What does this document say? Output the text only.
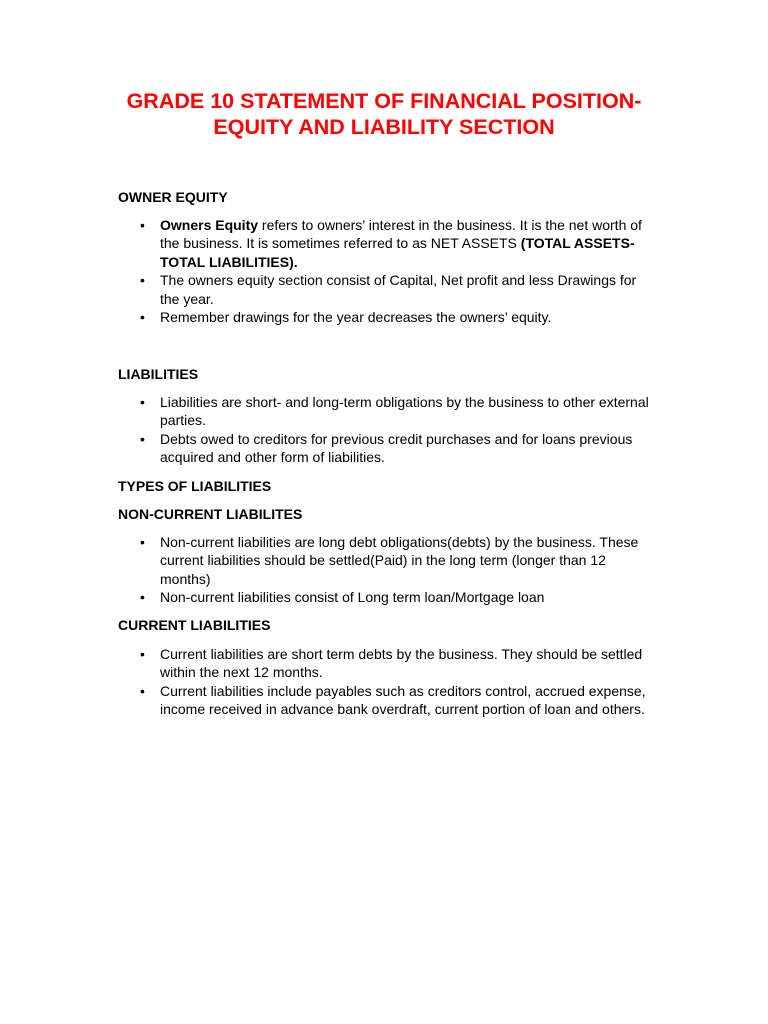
GRADE 10 STATEMENT OF FINANCIAL POSITION-
EQUITY AND LIABILITY SECTION
OWNER EQUITY
• Owners Equity refers to owners’ interest in the business. It is the net worth of the business. It is sometimes referred to as NET ASSETS (TOTAL ASSETS-TOTAL LIABILITIES).
• The owners equity section consist of Capital, Net profit and less Drawings for the year.
• Remember drawings for the year decreases the owners’ equity.
LIABILITIES
• Liabilities are short- and long-term obligations by the business to other external parties.
• Debts owed to creditors for previous credit purchases and for loans previous acquired and other form of liabilities.
TYPES OF LIABILITIES
NON-CURRENT LIABILITES
• Non-current liabilities are long debt obligations(debts) by the business. These current liabilities should be settled(Paid) in the long term (longer than 12 months)
• Non-current liabilities consist of Long term loan/Mortgage loan
CURRENT LIABILITIES
• Current liabilities are short term debts by the business. They should be settled within the next 12 months.
• Current liabilities include payables such as creditors control, accrued expense, income received in advance bank overdraft, current portion of loan and others.
